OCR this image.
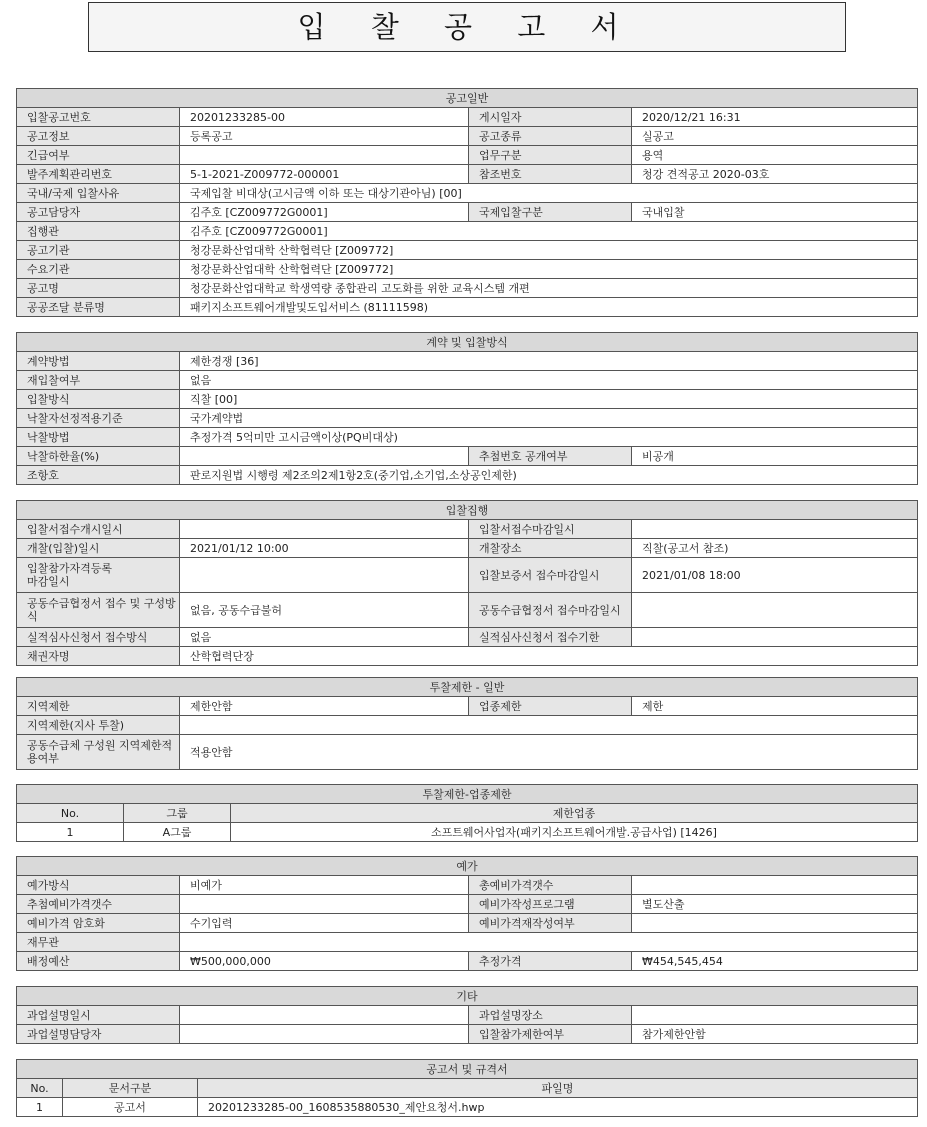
입 찰 공 고 서
공고일반			
입찰공고번호	20201233285-00	게시일자	2020/12/21 16:31
공고정보	등록공고	공고종류	실공고
긴급여부		업무구분	용역
발주계획관리번호	5-1-2021-Z009772-000001	참조번호	청강 견적공고 2020-03호
국내/국제 입찰사유	국제입찰 비대상(고시금액 이하 또는 대상기관아님) [00]		
공고담당자	김주호 [CZ009772G0001]	국제입찰구분	국내입찰
집행관	김주호 [CZ009772G0001]		
공고기관	청강문화산업대학 산학협력단 [Z009772]		
수요기관	청강문화산업대학 산학협력단 [Z009772]		
공고명	청강문화산업대학교 학생역량 종합관리 고도화를 위한 교육시스템 개편		
공공조달 분류명	패키지소프트웨어개발및도입서비스 (81111598)		
계약 및 입찰방식			
계약방법	제한경쟁 [36]		
재입찰여부	없음		
입찰방식	직찰 [00]		
낙찰자선정적용기준	국가계약법		
낙찰방법	추정가격 5억미만 고시금액이상(PQ비대상)		
낙찰하한율(%)		추첨번호 공개여부	비공개
조항호	판로지원법 시행령 제2조의2제1항2호(중기업,소기업,소상공인제한)		
입찰집행			
입찰서접수개시일시		입찰서접수마감일시	
개찰(입찰)일시	2021/01/12 10:00	개찰장소	직찰(공고서 참조)
입찰참가자격등록
마감일시		입찰보증서 접수마감일시	2021/01/08 18:00
공동수급협정서 접수 및 구성방식	없음, 공동수급불허	공동수급협정서 접수마감일시	
실적심사신청서 접수방식	없음	실적심사신청서 접수기한	
채권자명	산학협력단장		
투찰제한 - 일반			
지역제한	제한안함	업종제한	제한
지역제한(지사 투찰)			
공동수급체 구성원 지역제한적용여부	적용안함		
투찰제한-업종제한		
No.	그룹	제한업종
1	A그룹	소프트웨어사업자(패키지소프트웨어개발.공급사업) [1426]
예가			
예가방식	비예가	총예비가격갯수	
추첨예비가격갯수		예비가작성프로그램	별도산출
예비가격 암호화	수기입력	예비가격재작성여부	
재무관			
배정예산	₩500,000,000	추정가격	₩454,545,454
기타			
과업설명일시		과업설명장소	
과업설명담당자		입찰참가제한여부	참가제한안함
공고서 및 규격서		
No.	문서구분	파일명
1	공고서	20201233285-00_1608535880530_제안요청서.hwp
